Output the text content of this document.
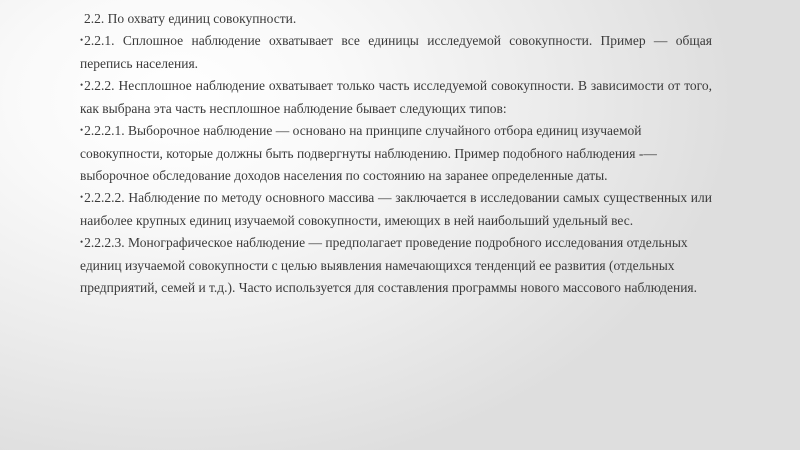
2.2. По охвату единиц совокупности.

•2.2.1. Сплошное наблюдение охватывает все единицы исследуемой совокупности. Пример — общая перепись населения.

•2.2.2. Несплошное наблюдение охватывает только часть исследуемой совокупности. В зависимости от того, как выбрана эта часть несплошное наблюдение бывает следующих типов:

•2.2.2.1. Выборочное наблюдение — основано на принципе случайного отбора единиц изучаемой совокупности, которые должны быть подвергнуты наблюдению. Пример подобного наблюдения -— выборочное обследование доходов населения по состоянию на заранее определенные даты.

•2.2.2.2. Наблюдение по методу основного массива — заключается в исследовании самых существенных или наиболее крупных единиц изучаемой совокупности, имеющих в ней наибольший удельный вес.

•2.2.2.3. Монографическое наблюдение — предполагает проведение подробного исследования отдельных единиц изучаемой совокупности с целью выявления намечающихся тенденций ее развития (отдельных предприятий, семей и т.д.). Часто используется для составления программы нового массового наблюдения.
